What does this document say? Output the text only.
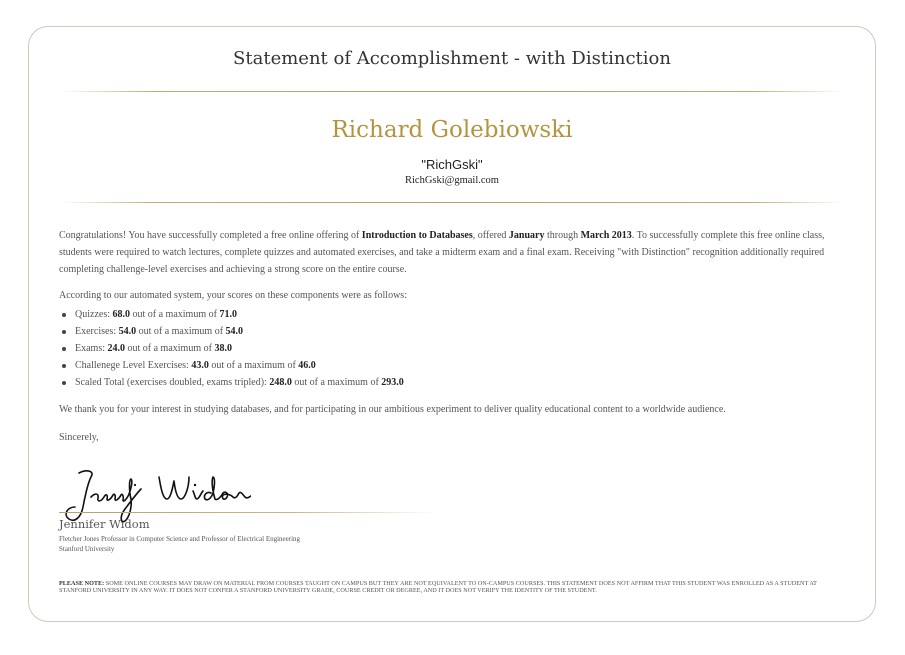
Statement of Accomplishment - with Distinction
Richard Golebiowski
"RichGski"
RichGski@gmail.com
Congratulations! You have successfully completed a free online offering of Introduction to Databases, offered January through March 2013. To successfully complete this free online class, students were required to watch lectures, complete quizzes and automated exercises, and take a midterm exam and a final exam. Receiving "with Distinction" recognition additionally required completing challenge-level exercises and achieving a strong score on the entire course.
According to our automated system, your scores on these components were as follows:
Quizzes: 68.0 out of a maximum of 71.0
Exercises: 54.0 out of a maximum of 54.0
Exams: 24.0 out of a maximum of 38.0
Challenege Level Exercises: 43.0 out of a maximum of 46.0
Scaled Total (exercises doubled, exams tripled): 248.0 out of a maximum of 293.0
We thank you for your interest in studying databases, and for participating in our ambitious experiment to deliver quality educational content to a worldwide audience.
Sincerely,
Jennifer Widom
Fletcher Jones Professor in Computer Science and Professor of Electrical Engineering
Stanford University
PLEASE NOTE: SOME ONLINE COURSES MAY DRAW ON MATERIAL FROM COURSES TAUGHT ON CAMPUS BUT THEY ARE NOT EQUIVALENT TO ON-CAMPUS COURSES. THIS STATEMENT DOES NOT AFFIRM THAT THIS STUDENT WAS ENROLLED AS A STUDENT AT STANFORD UNIVERSITY IN ANY WAY. IT DOES NOT CONFER A STANFORD UNIVERSITY GRADE, COURSE CREDIT OR DEGREE, AND IT DOES NOT VERIFY THE IDENTITY OF THE STUDENT.
